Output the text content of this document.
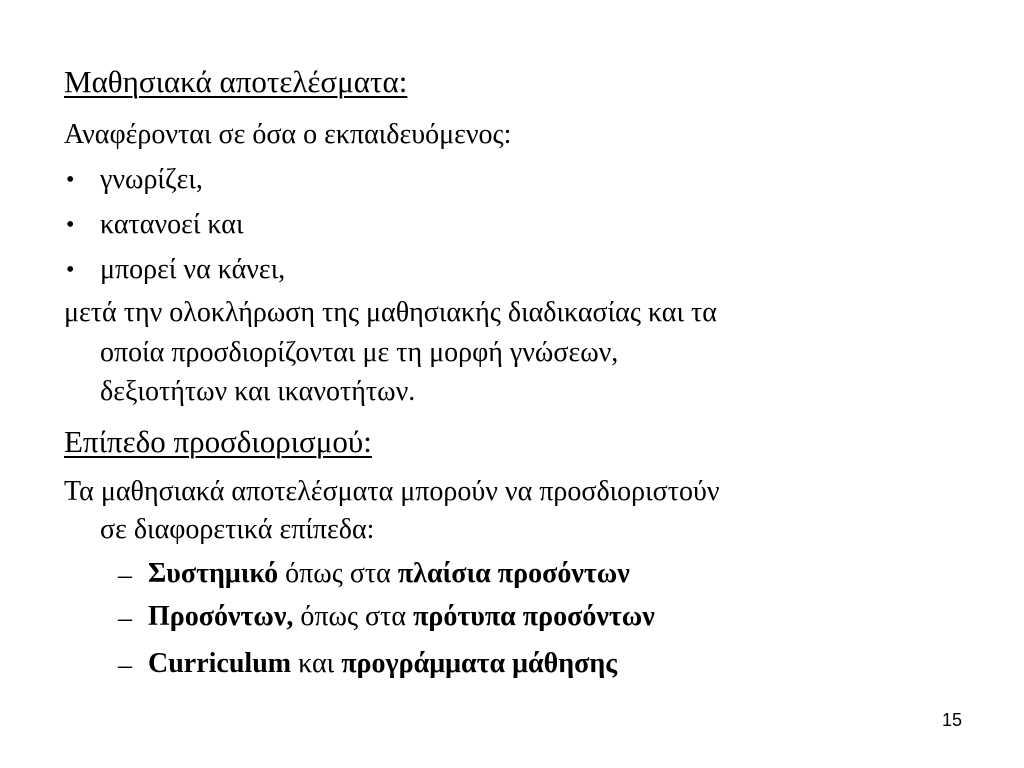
Μαθησιακά αποτελέσματα:
Αναφέρονται σε όσα ο εκπαιδευόμενος:
• γνωρίζει,
• κατανοεί και
• μπορεί να κάνει,
μετά την ολοκλήρωση της μαθησιακής διαδικασίας και τα
οποία προσδιορίζονται με τη μορφή γνώσεων,
δεξιοτήτων και ικανοτήτων.
Επίπεδο προσδιορισμού:
Τα μαθησιακά αποτελέσματα μπορούν να προσδιοριστούν
σε διαφορετικά επίπεδα:
– Συστημικό όπως στα πλαίσια προσόντων
– Προσόντων, όπως στα πρότυπα προσόντων
– Curriculum και προγράμματα μάθησης
15
